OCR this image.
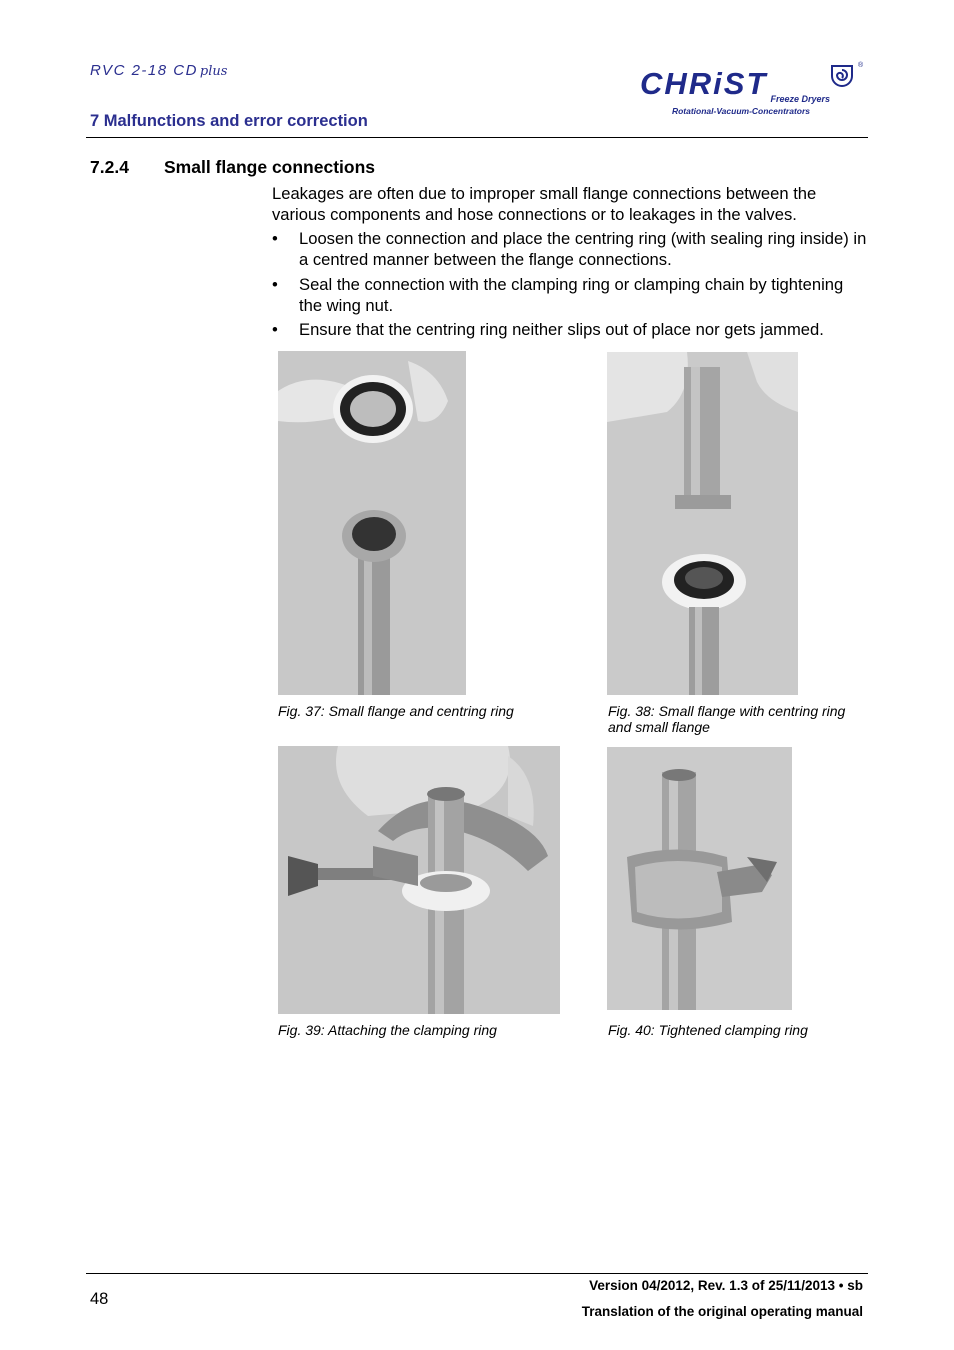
RVC 2-18 CD plus
7 Malfunctions and error correction
CHRiST
®
Freeze Dryers
Rotational-Vacuum-Concentrators
7.2.4 Small flange connections
Leakages are often due to improper small flange connections between the various components and hose connections or to leakages in the valves.
• Loosen the connection and place the centring ring (with sealing ring inside) in a centred manner between the flange connections.
• Seal the connection with the clamping ring or clamping chain by tightening the wing nut.
• Ensure that the centring ring neither slips out of place nor gets jammed.
Fig. 37: Small flange and centring ring	Fig. 38: Small flange with centring ring and small flange
Fig. 39: Attaching the clamping ring	Fig. 40: Tightened clamping ring
48
Version 04/2012, Rev. 1.3 of 25/11/2013 • sb
Translation of the original operating manual
